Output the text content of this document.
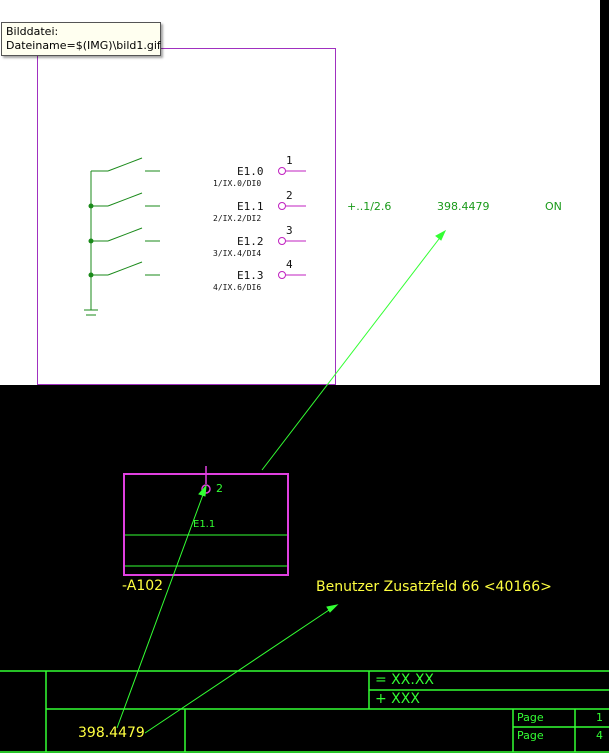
Bilddatei:
Dateiname=$(IMG)\bild1.gif
E1.0
1/IX.0/DI0
1
E1.1
2/IX.2/DI2
2
E1.2
3/IX.4/DI4
3
E1.3
4/IX.6/DI6
4
+..1/2.6	398.4479	ON
2
E1.1
-A102	Benutzer Zusatzfeld 66 <40166>
398.4479
= XX.XX
+ XXX
Page	1
Page	4
